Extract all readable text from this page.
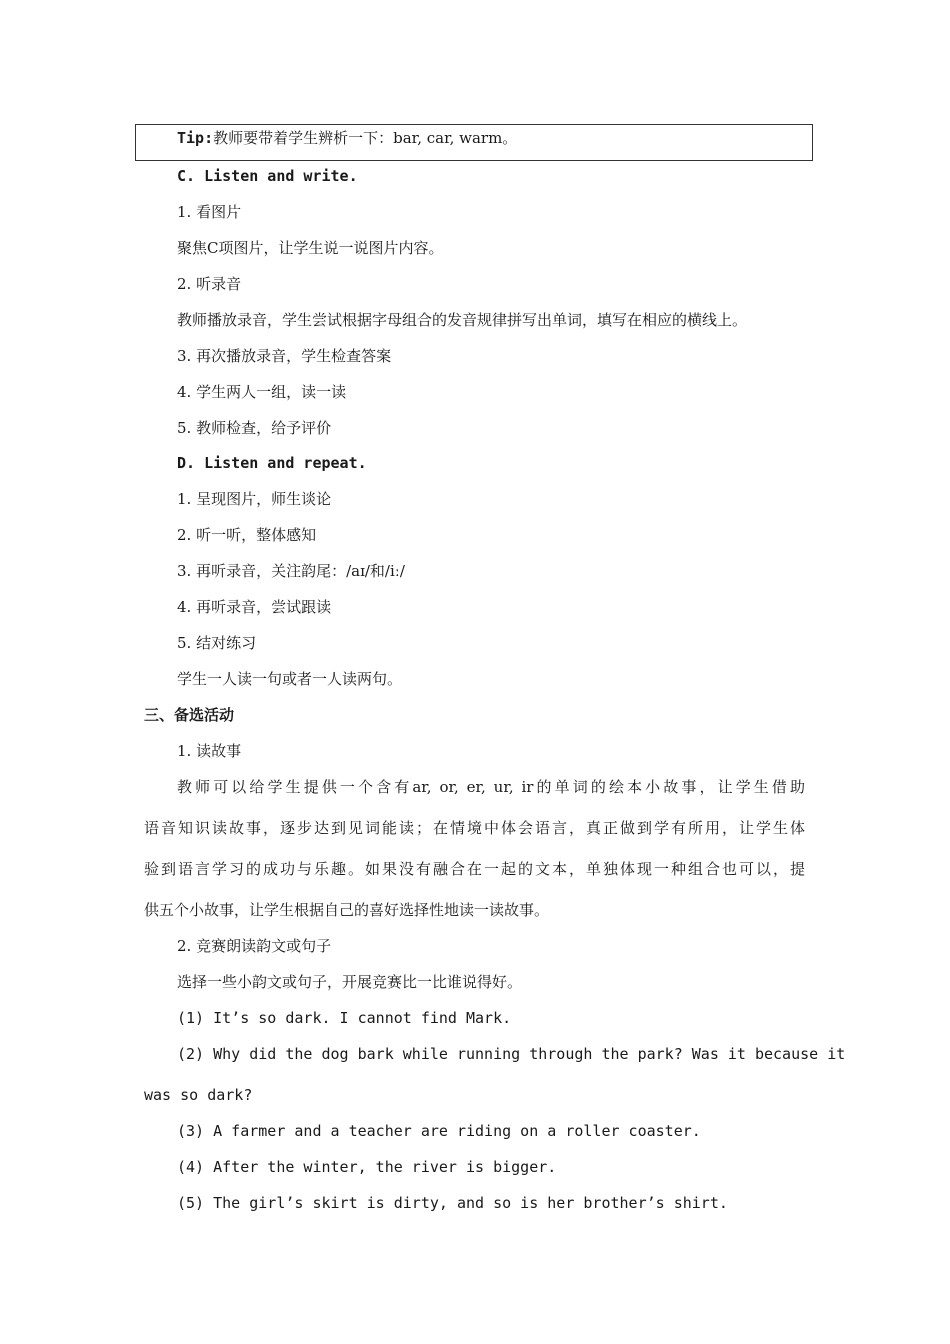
Tip:教师要带着学生辨析一下：bar, car, warm。
C. Listen and write.
1. 看图片
聚焦C项图片，让学生说一说图片内容。
2. 听录音
教师播放录音，学生尝试根据字母组合的发音规律拼写出单词，填写在相应的横线上。
3. 再次播放录音，学生检查答案
4. 学生两人一组，读一读
5. 教师检查，给予评价
D. Listen and repeat.
1. 呈现图片，师生谈论
2. 听一听，整体感知
3. 再听录音，关注韵尾：/aɪ/和/iː/
4. 再听录音，尝试跟读
5. 结对练习
学生一人读一句或者一人读两句。
三、备选活动
1. 读故事
教师可以给学生提供一个含有ar, or, er, ur, ir的单词的绘本小故事，让学生借助
语音知识读故事，逐步达到见词能读；在情境中体会语言，真正做到学有所用，让学生体
验到语言学习的成功与乐趣。如果没有融合在一起的文本，单独体现一种组合也可以，提
供五个小故事，让学生根据自己的喜好选择性地读一读故事。
2. 竞赛朗读韵文或句子
选择一些小韵文或句子，开展竞赛比一比谁说得好。
(1) It’s so dark. I cannot find Mark.
(2) Why did the dog bark while running through the park? Was it because it
was so dark?
(3) A farmer and a teacher are riding on a roller coaster.
(4) After the winter, the river is bigger.
(5) The girl’s skirt is dirty, and so is her brother’s shirt.
